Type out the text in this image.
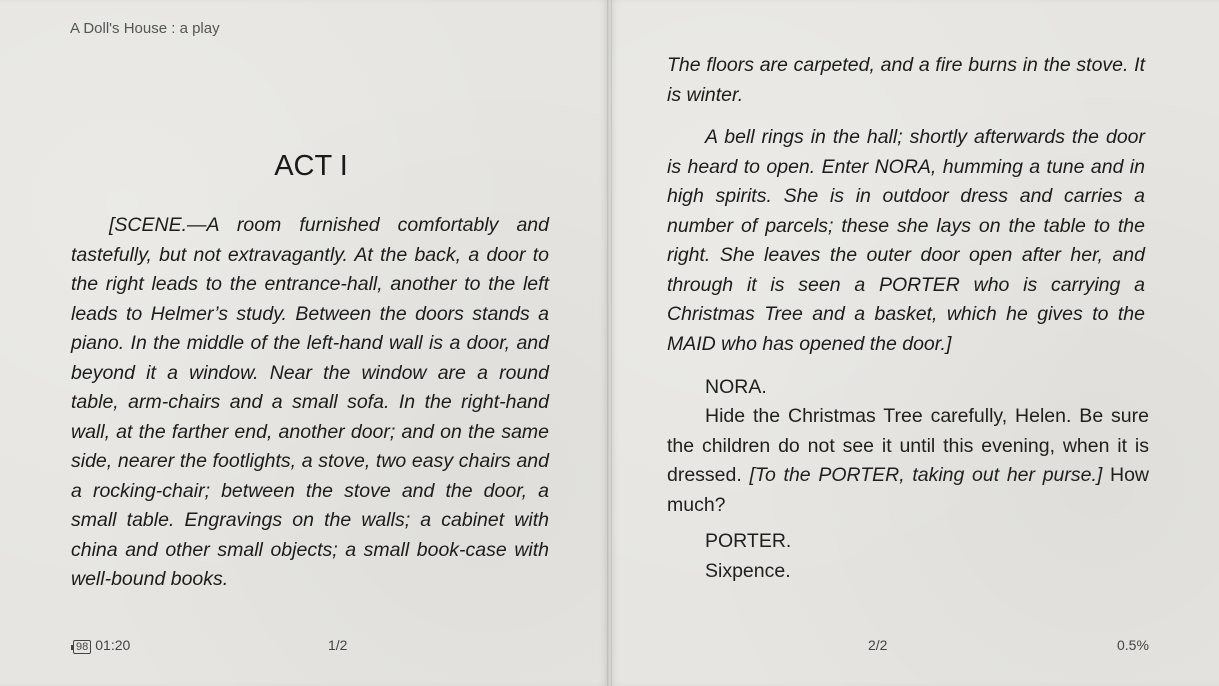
A Doll's House : a play
ACT I

[SCENE.—A room furnished comfortably and tastefully, but not extravagantly. At the back, a door to the right leads to the entrance-hall, another to the left leads to Helmer’s study. Between the doors stands a piano. In the middle of the left-hand wall is a door, and beyond it a window. Near the window are a round table, arm-chairs and a small sofa. In the right-hand wall, at the farther end, another door; and on the same side, nearer the footlights, a stove, two easy chairs and a rocking-chair; between the stove and the door, a small table. Engravings on the walls; a cabinet with china and other small objects; a small book-case with well-bound books.

98 01:20	1/2

The floors are carpeted, and a fire burns in the stove. It is winter.

A bell rings in the hall; shortly afterwards the door is heard to open. Enter NORA, humming a tune and in high spirits. She is in outdoor dress and carries a number of parcels; these she lays on the table to the right. She leaves the outer door open after her, and through it is seen a PORTER who is carrying a Christmas Tree and a basket, which he gives to the MAID who has opened the door.]

NORA.
Hide the Christmas Tree carefully, Helen. Be sure the children do not see it until this evening, when it is dressed. [To the PORTER, taking out her purse.] How much?
PORTER.
Sixpence.
2/2	0.5%
